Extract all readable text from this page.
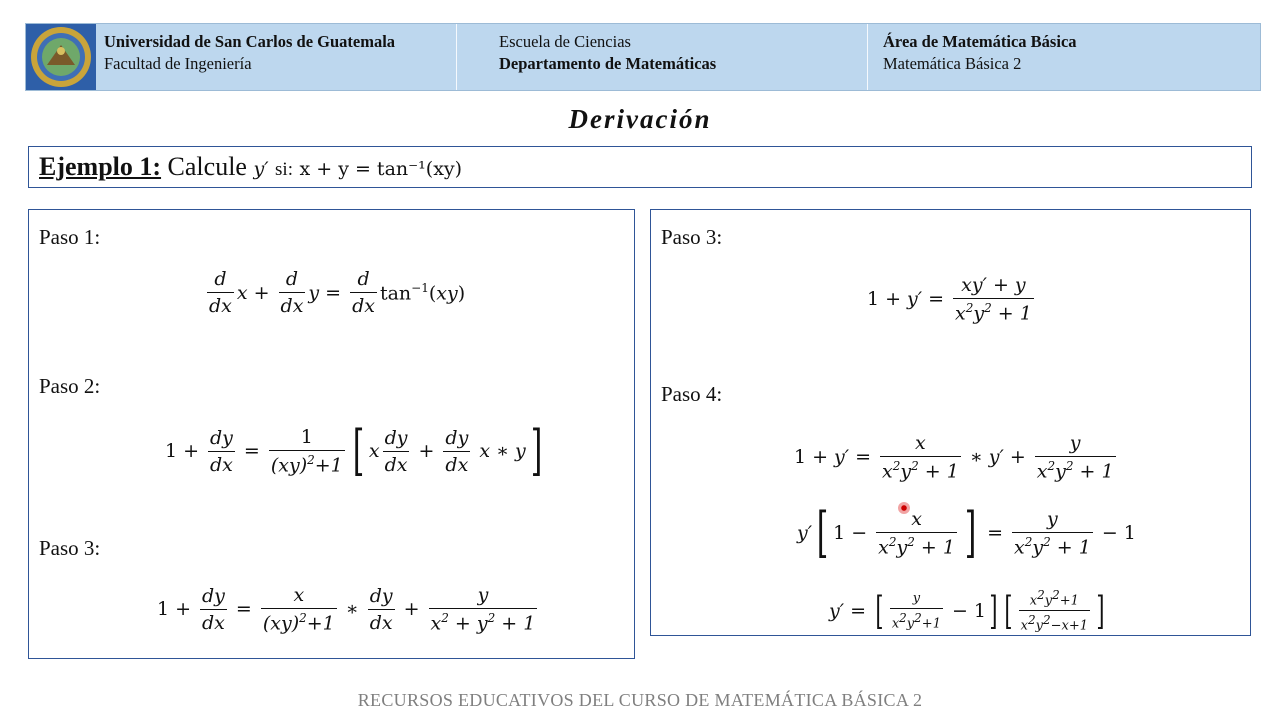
Universidad de San Carlos de Guatemala
Facultad de Ingeniería
Escuela de Ciencias
Departamento de Matemáticas
Área de Matemática Básica
Matemática Básica 2
Derivación
Ejemplo 1: Calcule y′ si: x + y = tan⁻¹(xy)
Paso 1:
$\frac{d}{dx}$ $x + \frac{d}{dx}$ $y = \frac{d}{dx} \tan^{-1}(xy)$
Paso 2:
$1 + \frac{dy}{dx} = \frac{1}{(xy)^2+1}$ [ x $\frac{dy}{dx} + \frac{dy}{dx}$ x ∗ y ]
Paso 3:
$1 + \frac{dy}{dx} = \frac{x}{(xy)^2+1}$ ∗ $\frac{dy}{dx} + \frac{y}{x^2 + y^2 + 1}$
Paso 3:
$1 + y' = \frac{xy' + y}{x^2y^2 + 1}$
Paso 4:
$1 + y' = \frac{x}{x^2y^2 + 1}$ ∗ $y' + \frac{y}{x^2y^2 + 1}$
y′ [ $1 - \frac{x}{x^2y^2 + 1}$ ] = $\frac{y}{x^2y^2 + 1} - 1$
y′ = [ $\frac{y}{x^2y^2+1} - 1$ ] [ $\frac{x^2y^2+1}{x^2y^2-x+1}$ ]
RECURSOS EDUCATIVOS DEL CURSO DE MATEMÁTICA BÁSICA 2
